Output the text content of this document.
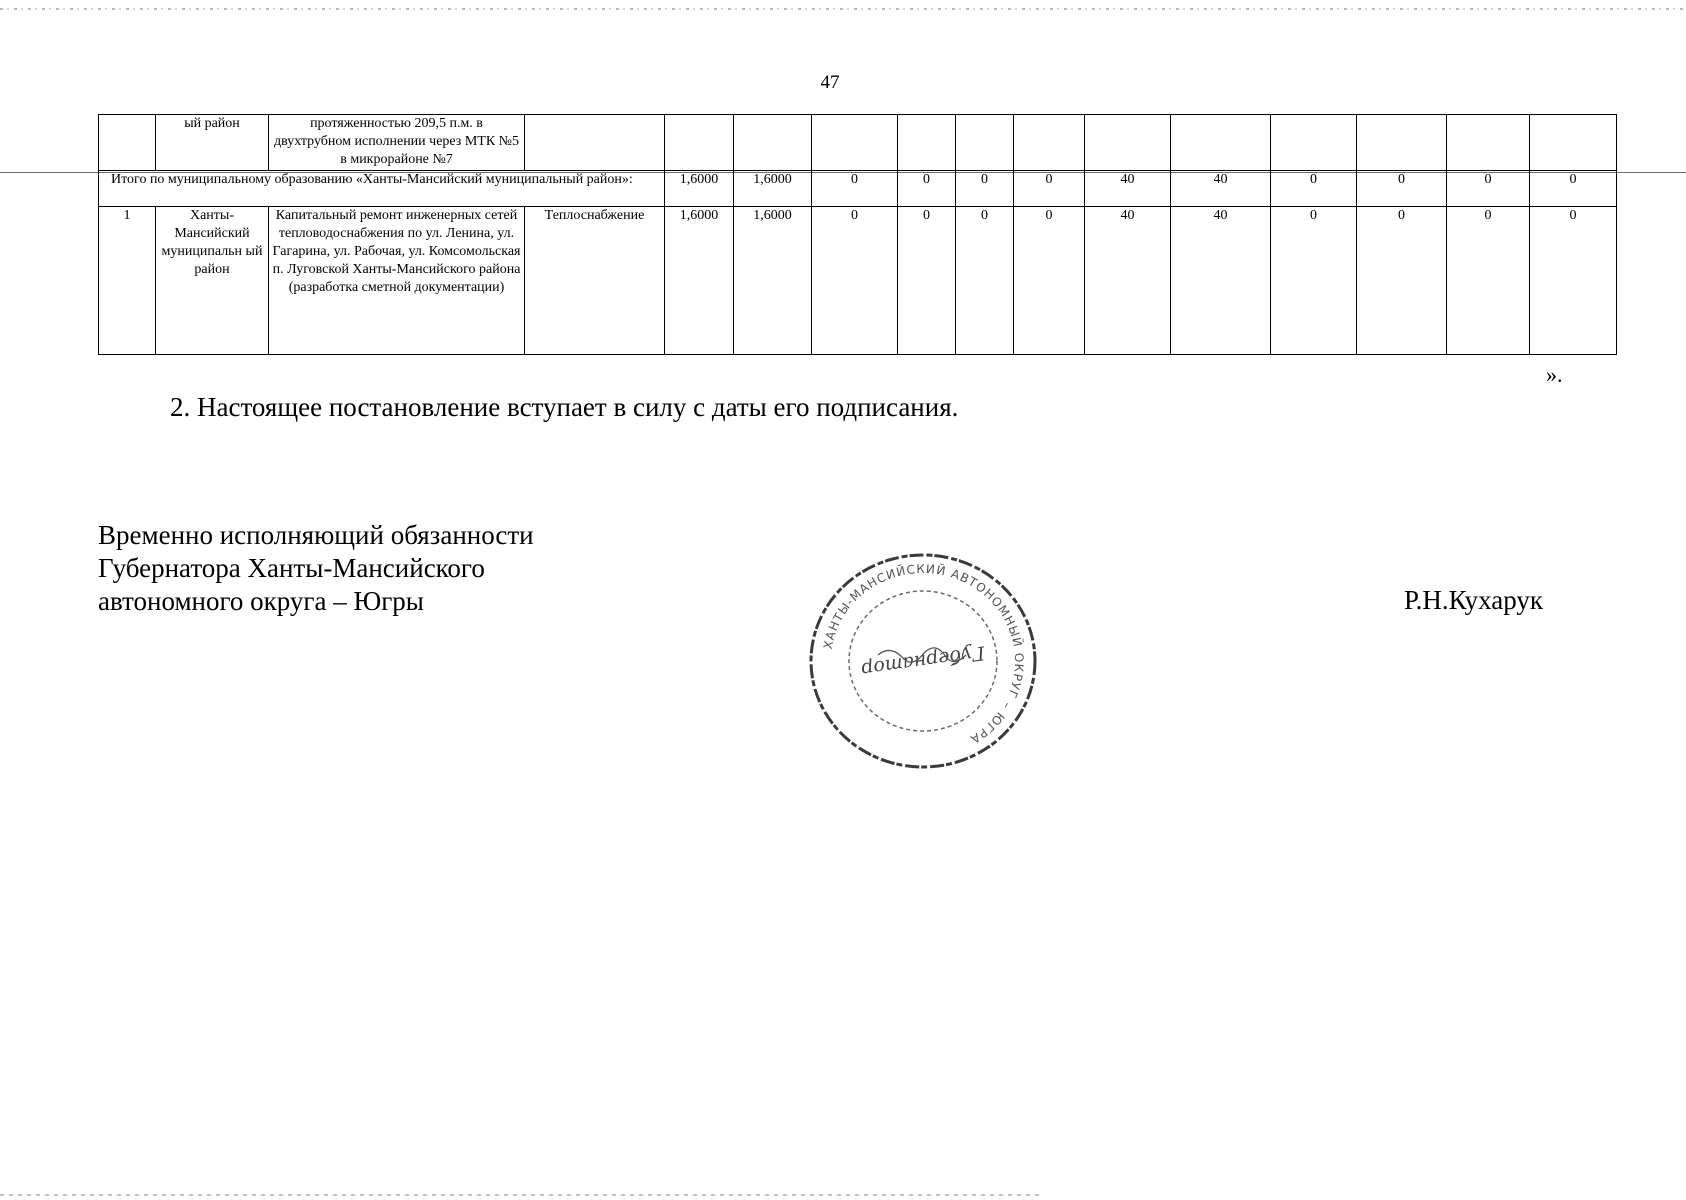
47
	ый район	протяженностью 209,5 п.м. в двухтрубном исполнении через МТК №5 в микрорайоне №7													
Итого по муниципальному образованию «Ханты-Мансийский муниципальный район»:				1,6000	1,6000	0	0	0	0	40	40	0	0	0	0
1	Ханты-Мансийский муниципальн ый район	Капитальный ремонт инженерных сетей тепловодоснабжения по ул. Ленина, ул. Гагарина, ул. Рабочая, ул. Комсомольская п. Луговской Ханты-Мансийского района (разработка сметной документации)	Теплоснабжение	1,6000	1,6000	0	0	0	0	40	40	0	0	0	0
».
2. Настоящее постановление вступает в силу с даты его подписания.
Временно исполняющий обязанности
Губернатора Ханты-Мансийского
автономного округа – Югры
ХАНТЫ-МАНСИЙСКИЙ АВТОНОМНЫЙ ОКРУГ – ЮГРА
Губернатор
Р.Н.Кухарук
